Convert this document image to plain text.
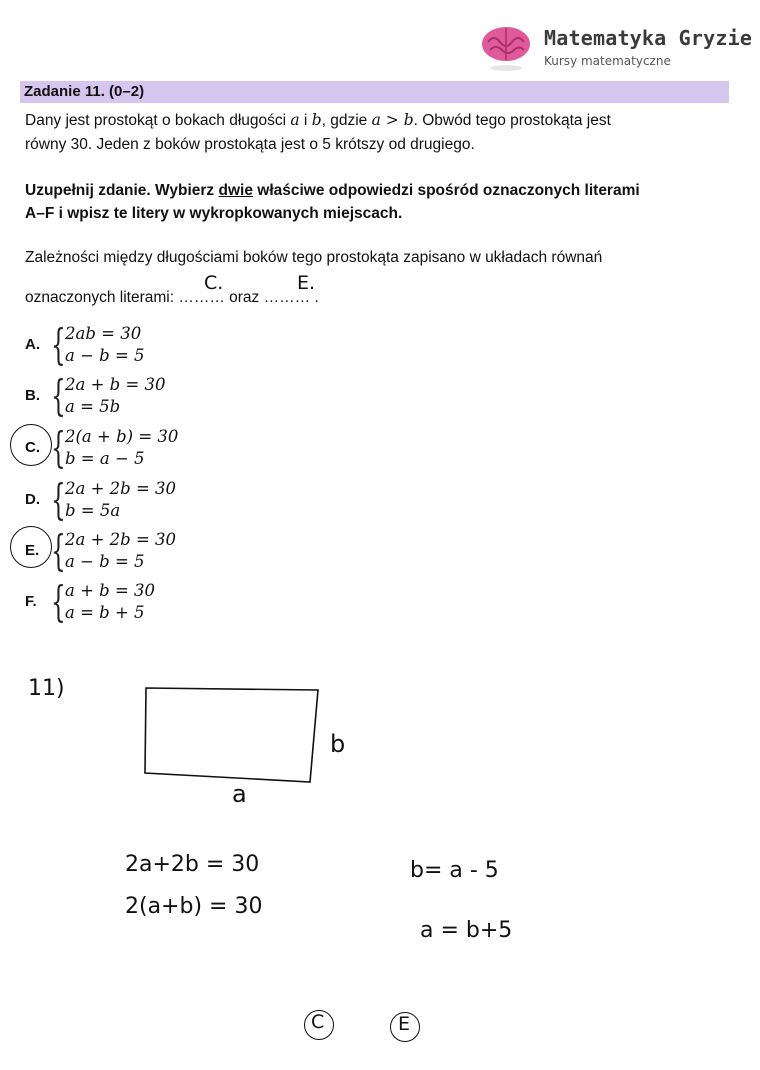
Matematyka Gryzie
Kursy matematyczne
Zadanie 11. (0–2)
Dany jest prostokąt o bokach długości a i b, gdzie a > b. Obwód tego prostokąta jest
równy 30. Jeden z boków prostokąta jest o 5 krótszy od drugiego.
Uzupełnij zdanie. Wybierz dwie właściwe odpowiedzi spośród oznaczonych literami
A–F i wpisz te litery w wykropkowanych miejscach.
Zależności między długościami boków tego prostokąta zapisano w układach równań
oznaczonych literami: ……… oraz ……… .
C.	E.
A. { 2ab = 30
a − b = 5
B. { 2a + b = 30
a = 5b
C. { 2(a + b) = 30
b = a − 5
D. { 2a + 2b = 30
b = 5a
E. { 2a + 2b = 30
a − b = 5
F. { a + b = 30
a = b + 5
11)
b
a
2a+2b = 30
2(a+b) = 30
b= a - 5
a = b+5
C	E
